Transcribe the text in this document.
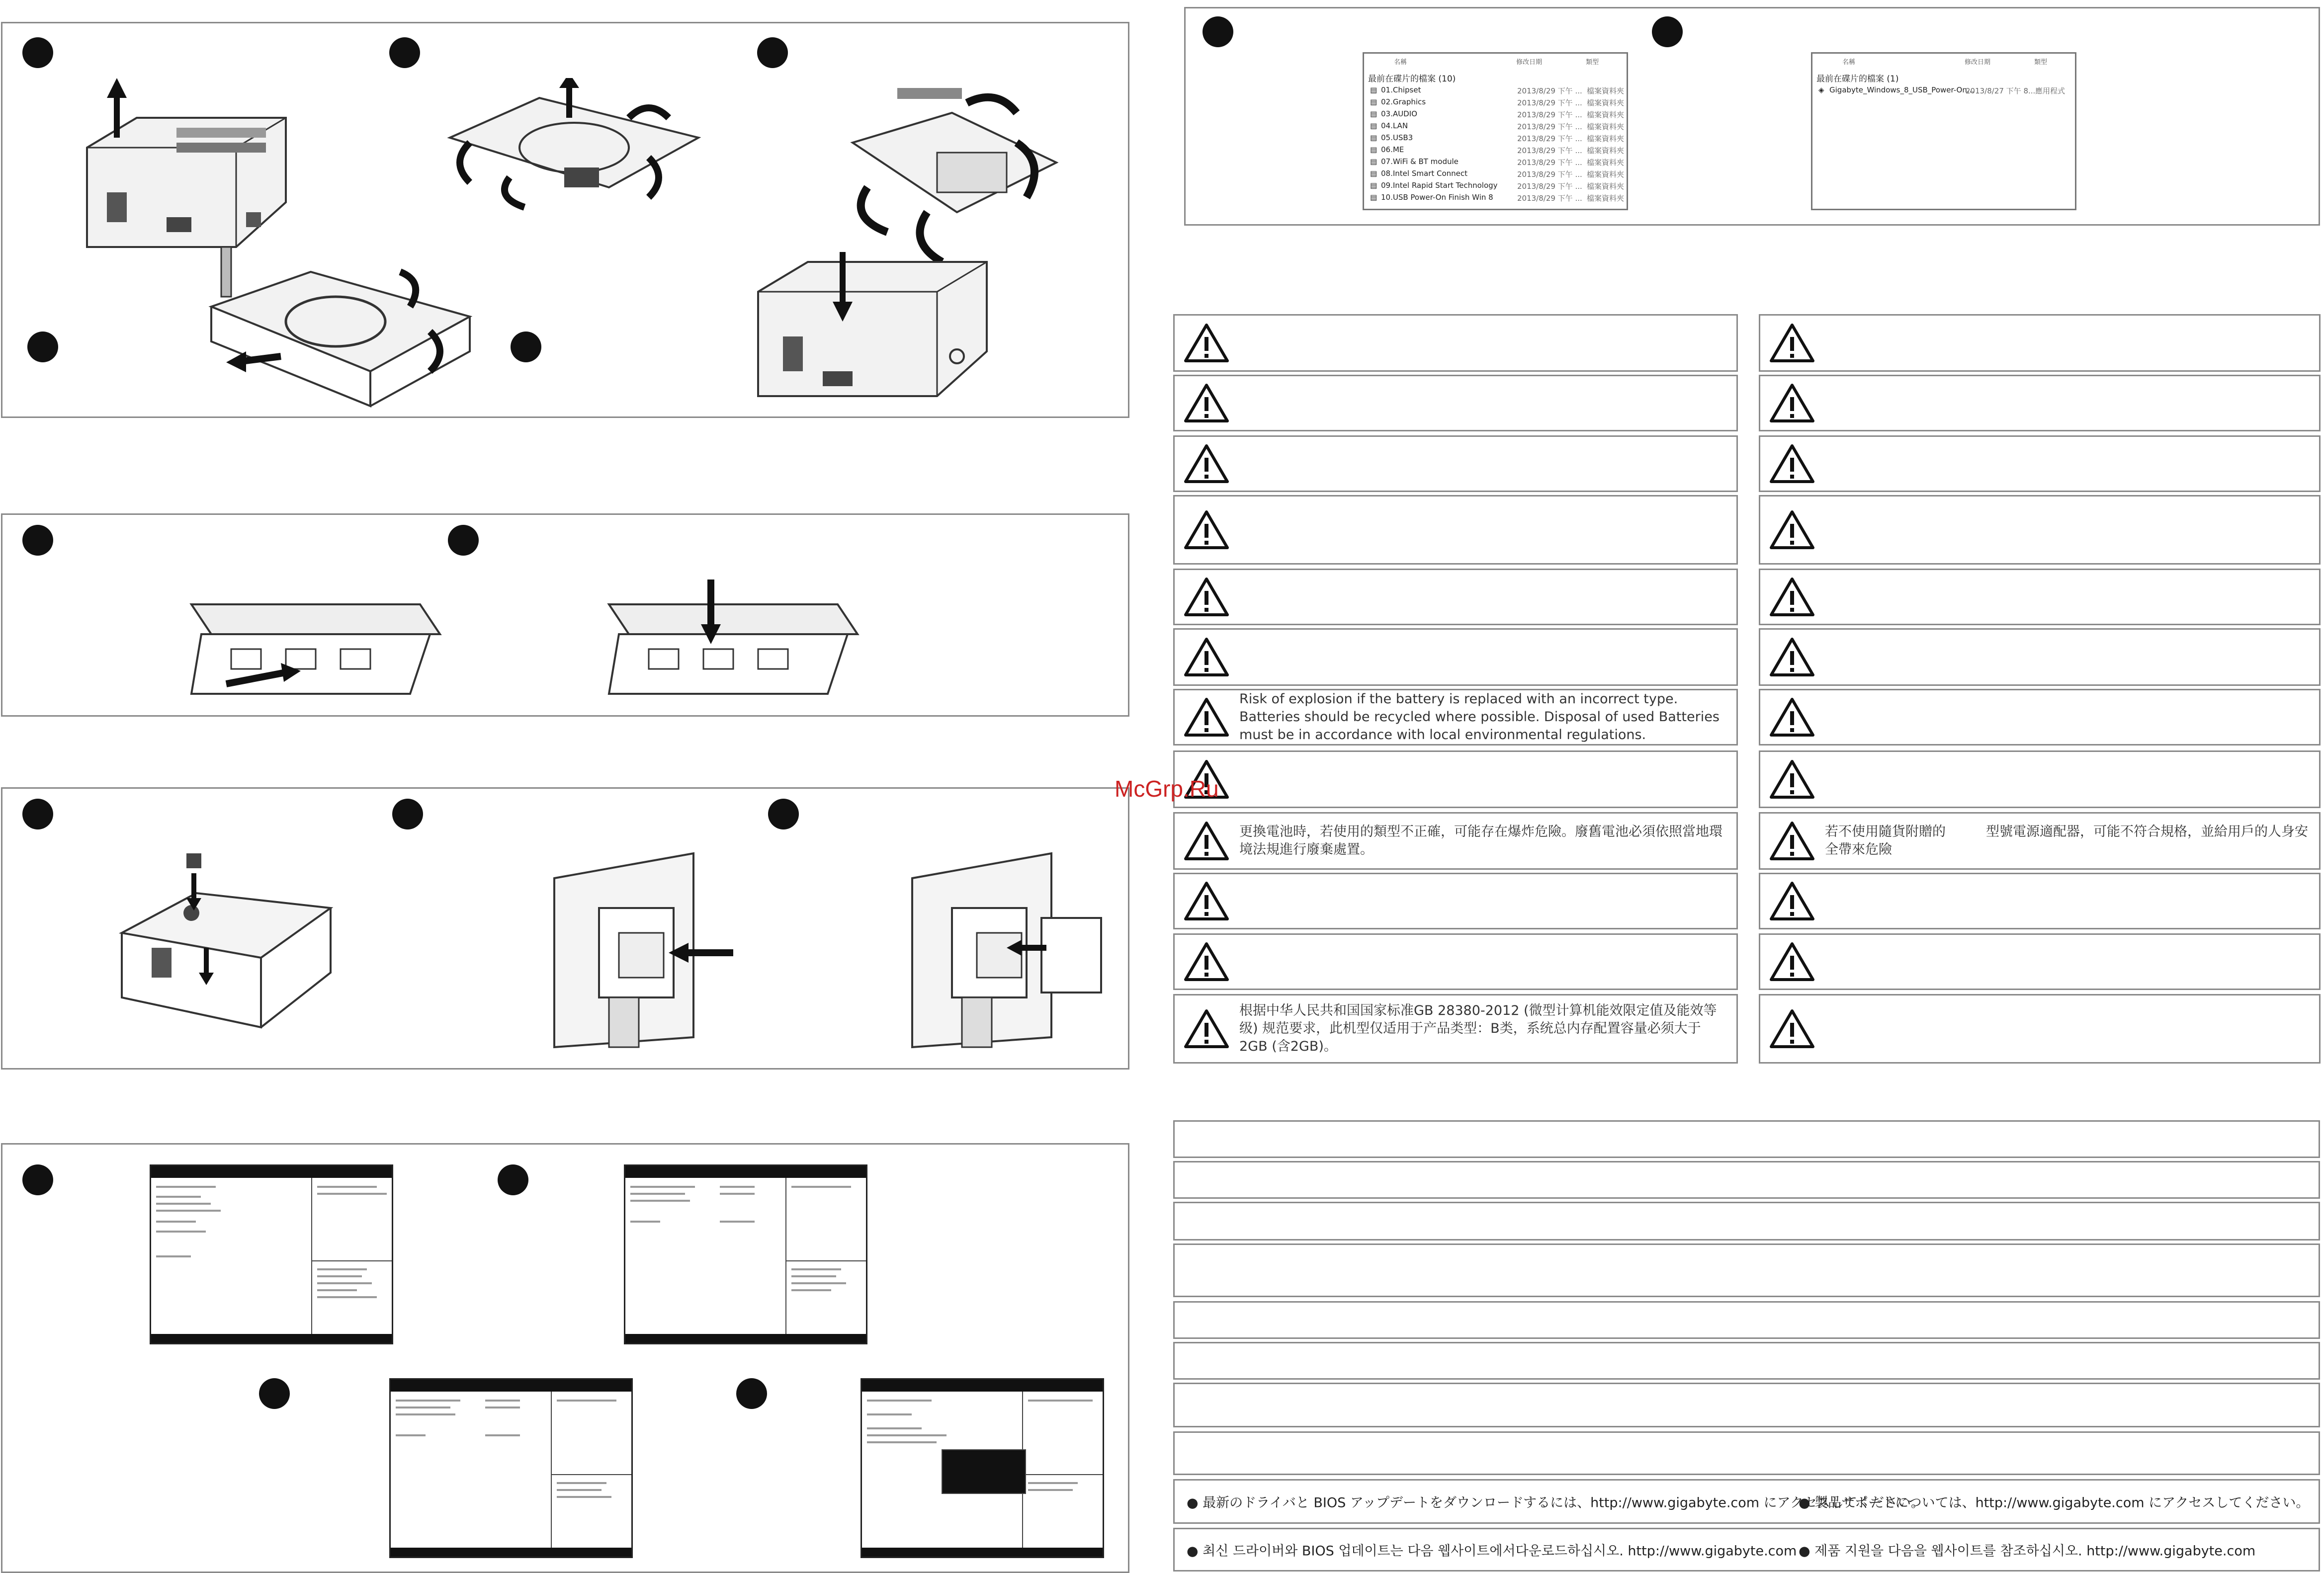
名稱	修改日期	類型
最前在碟片的檔案 (10)
▤ 01.Chipset	2013/8/29 下午 ... 檔案資料夾
▤ 02.Graphics	2013/8/29 下午 ... 檔案資料夾
▤ 03.AUDIO	2013/8/29 下午 ... 檔案資料夾
▤ 04.LAN	2013/8/29 下午 ... 檔案資料夾
▤ 05.USB3	2013/8/29 下午 ... 檔案資料夾
▤ 06.ME	2013/8/29 下午 ... 檔案資料夾
▤ 07.WiFi & BT module	2013/8/29 下午 ... 檔案資料夾
▤ 08.Intel Smart Connect	2013/8/29 下午 ... 檔案資料夾
▤ 09.Intel Rapid Start Technology	2013/8/29 下午 ... 檔案資料夾
▤ 10.USB Power-On Finish Win 8	2013/8/29 下午 ... 檔案資料夾
名稱	修改日期	類型
最前在碟片的檔案 (1)
◈ Gigabyte_Windows_8_USB_Power-On...
2013/8/27 下午 8... 應用程式
Risk of explosion if the battery is replaced with an incorrect type. Batteries should be recycled where possible. Disposal of used Batteries must be in accordance with local environmental regulations.
更換電池時，若使用的類型不正確，可能存在爆炸危險。廢舊電池必須依照當地環境法規進行廢棄處置。
根据中华人民共和国国家标准GB 28380-2012 (微型计算机能效限定值及能效等级) 规范要求，此机型仅适用于产品类型：B类，系统总内存配置容量必须大于2GB (含2GB)。
若不使用隨貨附贈的　　　型號電源適配器，可能不符合規格，並給用戶的人身安全帶來危險
McGrp.Ru
● 最新のドライバと BIOS アップデートをダウンロードするには、http://www.gigabyte.com にアクセスしてください。
● 製品サポートについては、http://www.gigabyte.com にアクセスしてください。
● 최신 드라이버와 BIOS 업데이트는 다음 웹사이트에서다운로드하십시오. http://www.gigabyte.com ● 제품 지원을 다음을 웹사이트를 참조하십시오. http://www.gigabyte.com
